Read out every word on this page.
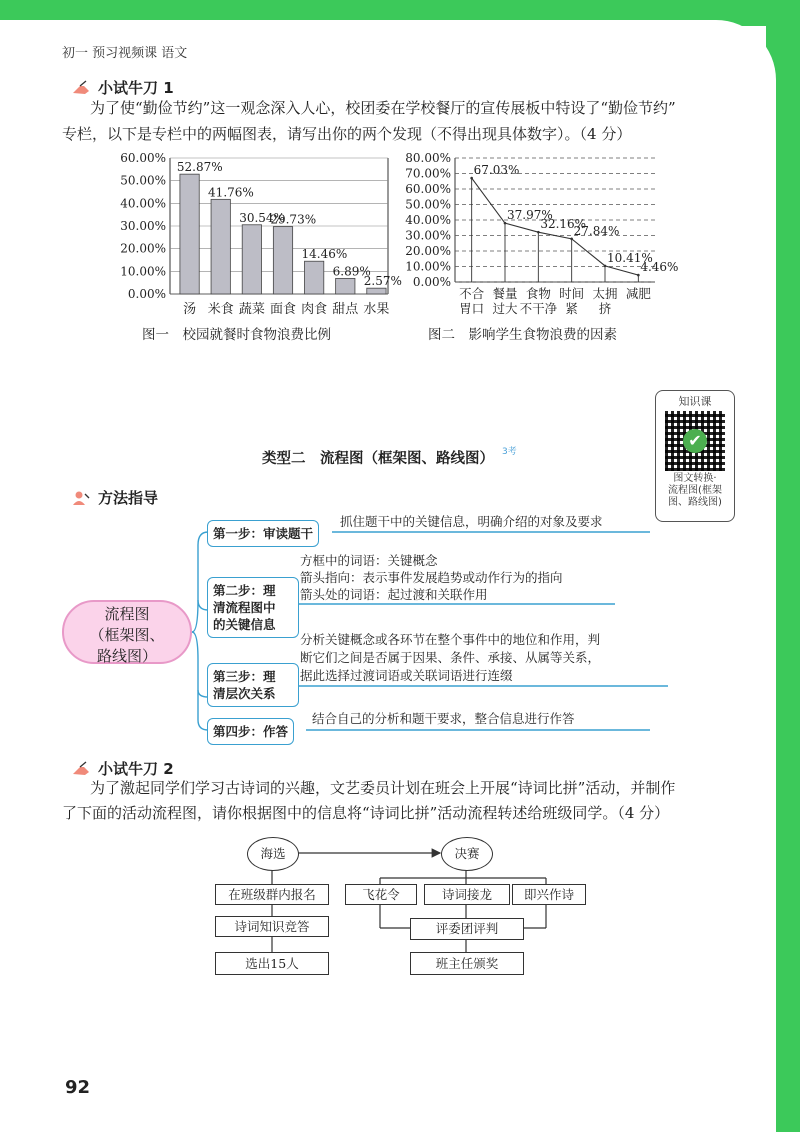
初一 预习视频课 语文
小试牛刀 1
为了使“勤俭节约”这一观念深入人心，校团委在学校餐厅的宣传展板中特设了“勤俭节约”
专栏，以下是专栏中的两幅图表，请写出你的两个发现（不得出现具体数字）。（4 分）
0.00%
10.00%
20.00%
30.00%
40.00%
50.00%
60.00%
52.87%
汤
41.76%
米食
30.54%
蔬菜
29.73%
面食
14.46%
肉食
6.89%
甜点
2.57%
水果
0.00%
10.00%
20.00%
30.00%
40.00%
50.00%
60.00%
70.00%
80.00%
67.03%
不合
胃口
37.97%
餐量
过大
32.16%
食物
不干净
27.84%
时间
紧
10.41%
太拥
挤
4.46%
减肥
图一　校园就餐时食物浪费比例	图二　影响学生食物浪费的因素
知识课
✔
图文转换·
流程图(框架
图、路线图)
类型二　流程图（框架图、路线图） 3考
方法指导
流程图
（框架图、
路线图）
第一步：审读题干
抓住题干中的关键信息，明确介绍的对象及要求
第二步：理
清流程图中
的关键信息
方框中的词语：关键概念
箭头指向：表示事件发展趋势或动作行为的指向
箭头处的词语：起过渡和关联作用
第三步：理
清层次关系
分析关键概念或各环节在整个事件中的地位和作用，判
断它们之间是否属于因果、条件、承接、从属等关系，
据此选择过渡词语或关联词语进行连缀
第四步：作答
结合自己的分析和题干要求，整合信息进行作答
小试牛刀 2
为了激起同学们学习古诗词的兴趣，文艺委员计划在班会上开展“诗词比拼”活动，并制作
了下面的活动流程图，请你根据图中的信息将“诗词比拼”活动流程转述给班级同学。（4 分）
海选	决赛
在班级群内报名
诗词知识竞答
选出15人
飞花令	诗词接龙	即兴作诗
评委团评判
班主任颁奖
92
